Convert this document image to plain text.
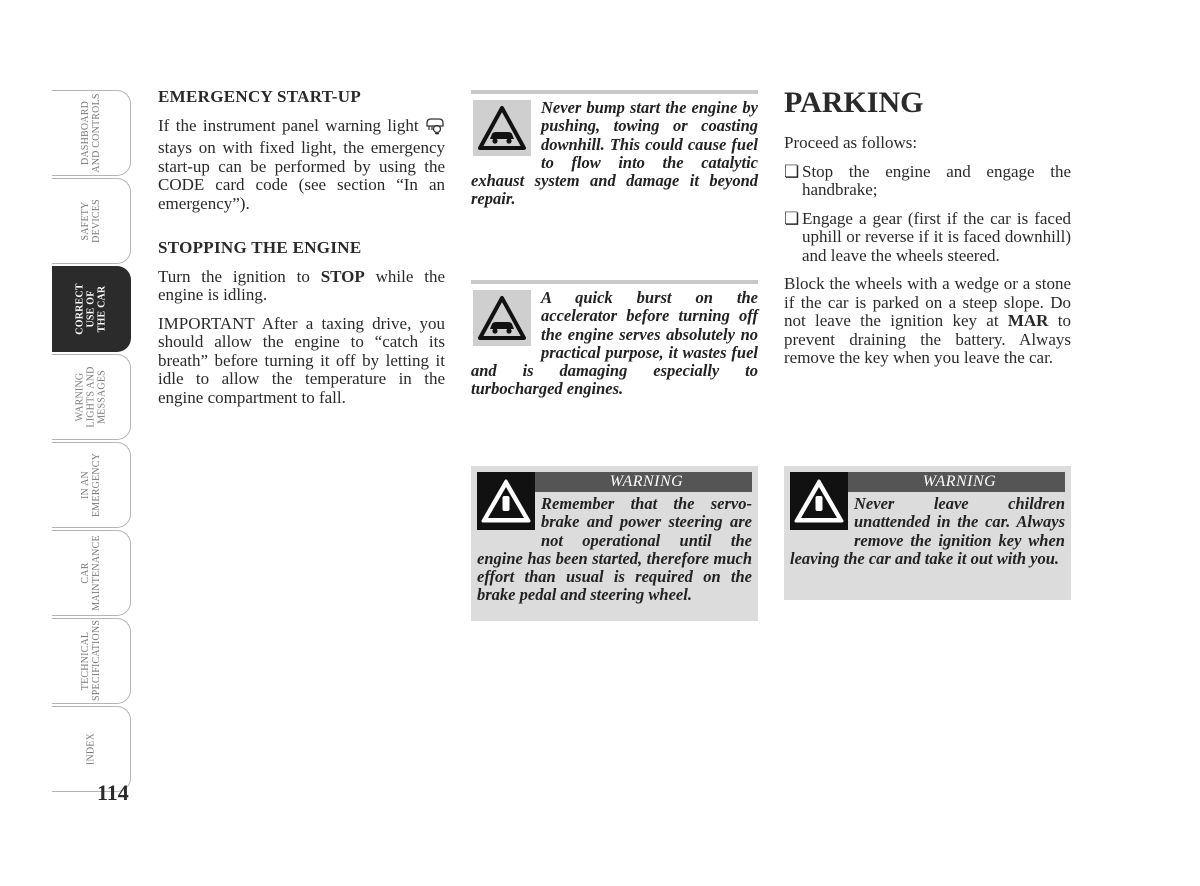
DASHBOARD
AND CONTROLS
SAFETY
DEVICES
CORRECT
USE OF
THE CAR
WARNING
LIGHTS AND
MESSAGES
IN AN
EMERGENCY
CAR
MAINTENANCE
TECHNICAL
SPECIFICATIONS
INDEX
114
EMERGENCY START-UP

If the instrument panel warning light  stays on with fixed light, the emergency start-up can be performed by using the CODE card code (see section “In an emergency”).

STOPPING THE ENGINE

Turn the ignition to STOP while the engine is idling.

IMPORTANT After a taxing drive, you should allow the engine to “catch its breath” before turning it off by letting it idle to allow the temperature in the engine compartment to fall.

Never bump start the engine by pushing, towing or coasting downhill. This could cause fuel to flow into the catalytic exhaust system and damage it beyond repair.
A quick burst on the accelerator before turning off the engine serves absolutely no practical purpose, it wastes fuel and is damaging especially to turbocharged engines.
WARNING
Remember that the servo-brake and power steering are not operational until the engine has been started, therefore much effort than usual is required on the brake pedal and steering wheel.
PARKING

Proceed as follows:

❏ Stop the engine and engage the handbrake;
❏ Engage a gear (first if the car is faced uphill or reverse if it is faced downhill) and leave the wheels steered.

Block the wheels with a wedge or a stone if the car is parked on a steep slope. Do not leave the ignition key at MAR to prevent draining the battery. Always remove the key when you leave the car.

WARNING
Never leave children unattended in the car. Always remove the ignition key when leaving the car and take it out with you.
